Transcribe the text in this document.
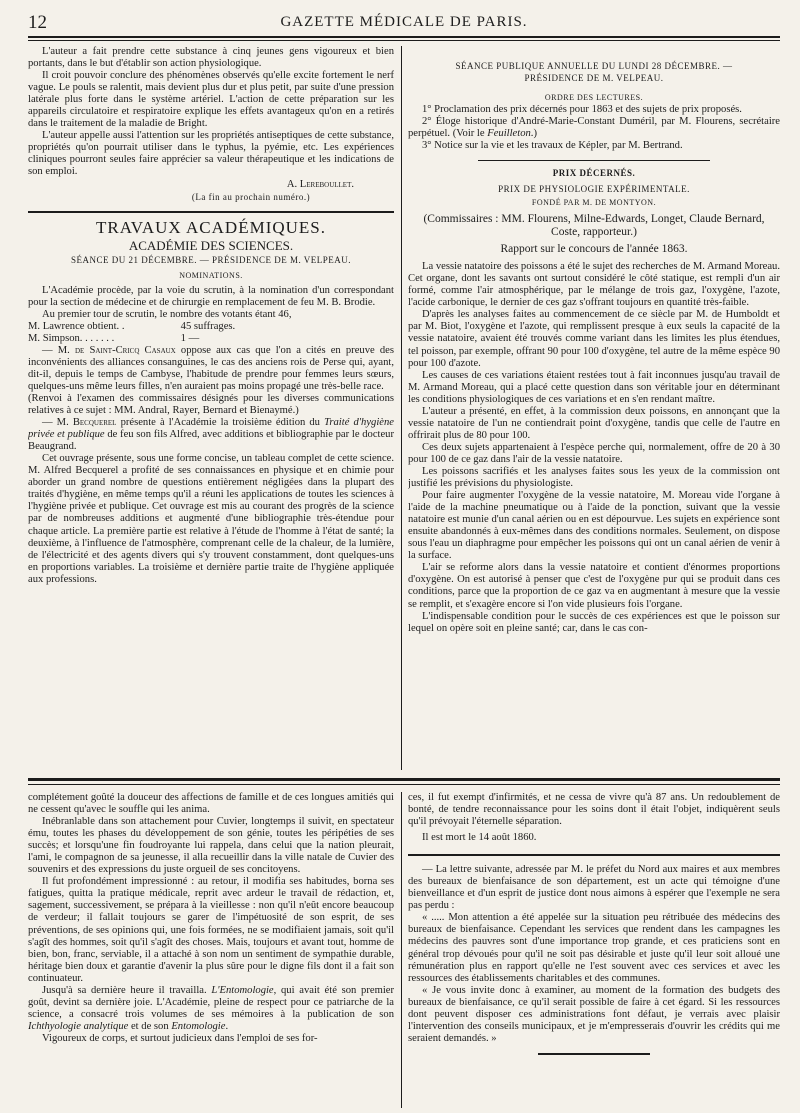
12	GAZETTE MÉDICALE DE PARIS.

L'auteur a fait prendre cette substance à cinq jeunes gens vigoureux et bien portants, dans le but d'établir son action physiologique.

Il croit pouvoir conclure des phénomènes observés qu'elle excite fortement le nerf vague. Le pouls se ralentit, mais devient plus dur et plus petit, par suite d'une pression latérale plus forte dans le système artériel. L'action de cette préparation sur les appareils circulatoire et respiratoire explique les effets avantageux qu'on en a retirés dans le traitement de la maladie de Bright.

L'auteur appelle aussi l'attention sur les propriétés antiseptiques de cette substance, propriétés qu'on pourrait utiliser dans le typhus, la pyémie, etc. Les expériences cliniques pourront seules faire apprécier sa valeur thérapeutique et les indications de son emploi.

A. Lereboullet.

(La fin au prochain numéro.)

TRAVAUX ACADÉMIQUES.

ACADÉMIE DES SCIENCES.

SÉANCE DU 21 DÉCEMBRE. — PRÉSIDENCE DE M. VELPEAU.

NOMINATIONS.

L'Académie procède, par la voie du scrutin, à la nomination d'un correspondant pour la section de médecine et de chirurgie en remplacement de feu M. B. Brodie.

Au premier tour de scrutin, le nombre des votants étant 46,

M. Lawrence obtient. .	45 suffrages.

M. Simpson. . . . . . .	1 —

— M. de Saint-Cricq Casaux oppose aux cas que l'on a cités en preuve des inconvénients des alliances consanguines, le cas des anciens rois de Perse qui, ayant, dit-il, depuis le temps de Cambyse, l'habitude de prendre pour femmes leurs sœurs, quelques-uns même leurs filles, n'en auraient pas moins propagé une très-belle race.

(Renvoi à l'examen des commissaires désignés pour les diverses communications relatives à ce sujet : MM. Andral, Rayer, Bernard et Bienaymé.)

— M. Becquerel présente à l'Académie la troisième édition du Traité d'hygiène privée et publique de feu son fils Alfred, avec additions et bibliographie par le docteur Beaugrand.

Cet ouvrage présente, sous une forme concise, un tableau complet de cette science. M. Alfred Becquerel a profité de ses connaissances en physique et en chimie pour aborder un grand nombre de questions entièrement négligées dans la plupart des traités d'hygiène, en même temps qu'il a réuni les applications de toutes les sciences à l'hygiène privée et publique. Cet ouvrage est mis au courant des progrès de la science par de nombreuses additions et augmenté d'une bibliographie très-étendue pour chaque article. La première partie est relative à l'étude de l'homme à l'état de santé; la deuxième, à l'influence de l'atmosphère, comprenant celle de la chaleur, de la lumière, de l'électricité et des agents divers qui s'y trouvent constamment, dont quelques-uns en proportions variables. La troisième et dernière partie traite de l'hygiène appliquée aux professions.

SÉANCE PUBLIQUE ANNUELLE DU LUNDI 28 DÉCEMBRE. —

PRÉSIDENCE DE M. VELPEAU.

ORDRE DES LECTURES.

1° Proclamation des prix décernés pour 1863 et des sujets de prix proposés.

2° Éloge historique d'André-Marie-Constant Duméril, par M. Flourens, secrétaire perpétuel. (Voir le Feuilleton.)

3° Notice sur la vie et les travaux de Képler, par M. Bertrand.

PRIX DÉCERNÉS.

PRIX DE PHYSIOLOGIE EXPÉRIMENTALE.

FONDÉ PAR M. DE MONTYON.

(Commissaires : MM. Flourens, Milne-Edwards, Longet, Claude Bernard, Coste, rapporteur.)

Rapport sur le concours de l'année 1863.

La vessie natatoire des poissons a été le sujet des recherches de M. Armand Moreau. Cet organe, dont les savants ont surtout considéré le côté statique, est rempli d'un air formé, comme l'air atmosphérique, par le mélange de trois gaz, l'oxygène, l'azote, l'acide carbonique, le dernier de ces gaz s'offrant toujours en quantité très-faible.

D'après les analyses faites au commencement de ce siècle par M. de Humboldt et par M. Biot, l'oxygène et l'azote, qui remplissent presque à eux seuls la capacité de la vessie natatoire, avaient été trouvés comme variant dans les limites les plus étendues, tel poisson, par exemple, offrant 90 pour 100 d'oxygène, tel autre de la même espèce 90 pour 100 d'azote.

Les causes de ces variations étaient restées tout à fait inconnues jusqu'au travail de M. Armand Moreau, qui a placé cette question dans son véritable jour en déterminant les conditions physiologiques de ces variations et en s'en rendant maître.

L'auteur a présenté, en effet, à la commission deux poissons, en annonçant que la vessie natatoire de l'un ne contiendrait point d'oxygène, tandis que celle de l'autre en offrirait plus de 80 pour 100.

Ces deux sujets appartenaient à l'espèce perche qui, normalement, offre de 20 à 30 pour 100 de ce gaz dans l'air de la vessie natatoire.

Les poissons sacrifiés et les analyses faites sous les yeux de la commission ont justifié les prévisions du physiologiste.

Pour faire augmenter l'oxygène de la vessie natatoire, M. Moreau vide l'organe à l'aide de la machine pneumatique ou à l'aide de la ponction, suivant que la vessie natatoire est munie d'un canal aérien ou en est dépourvue. Les sujets en expérience sont ensuite abandonnés à eux-mêmes dans des conditions normales. Seulement, on dispose sous l'eau un diaphragme pour empêcher les poissons qui ont un canal aérien de venir à la surface.

L'air se reforme alors dans la vessie natatoire et contient d'énormes proportions d'oxygène. On est autorisé à penser que c'est de l'oxygène pur qui se produit dans ces conditions, parce que la proportion de ce gaz va en augmentant à mesure que la vessie se remplit, et s'exagère encore si l'on vide plusieurs fois l'organe.

L'indispensable condition pour le succès de ces expériences est que le poisson sur lequel on opère soit en pleine santé; car, dans le cas con-

complétement goûté la douceur des affections de famille et de ces longues amitiés qui ne cessent qu'avec le souffle qui les anima.

Inébranlable dans son attachement pour Cuvier, longtemps il suivit, en spectateur ému, toutes les phases du développement de son génie, toutes les péripéties de ses succès; et lorsqu'une fin foudroyante lui rappela, dans celui que la nation pleurait, l'ami, le compagnon de sa jeunesse, il alla recueillir dans la ville natale de Cuvier des souvenirs et des expressions du juste orgueil de ses concitoyens.

Il fut profondément impressionné : au retour, il modifia ses habitudes, borna ses fatigues, quitta la pratique médicale, reprit avec ardeur le travail de rédaction, et, sagement, successivement, se prépara à la vieillesse : non qu'il n'eût encore beaucoup de verdeur; il fallait toujours se garer de l'impétuosité de son esprit, de ses préventions, de ses opinions qui, une fois formées, ne se modifiaient jamais, soit qu'il s'agît des hommes, soit qu'il s'agît des choses. Mais, toujours et avant tout, homme de bien, bon, franc, serviable, il a attaché à son nom un sentiment de sympathie durable, héritage bien doux et garantie d'avenir la plus sûre pour le digne fils dont il a fait son continuateur.

Jusqu'à sa dernière heure il travailla. L'Entomologie, qui avait été son premier goût, devint sa dernière joie. L'Académie, pleine de respect pour ce patriarche de la science, a consacré trois volumes de ses mémoires à la publication de son Ichthyologie analytique et de son Entomologie.

Vigoureux de corps, et surtout judicieux dans l'emploi de ses for-

ces, il fut exempt d'infirmités, et ne cessa de vivre qu'à 87 ans. Un redoublement de bonté, de tendre reconnaissance pour les soins dont il était l'objet, indiquèrent seuls qu'il prévoyait l'éternelle séparation.

Il est mort le 14 août 1860.

— La lettre suivante, adressée par M. le préfet du Nord aux maires et aux membres des bureaux de bienfaisance de son département, est un acte qui témoigne d'une bienveillance et d'un esprit de justice dont nous aimons à espérer que l'exemple ne sera pas perdu :

« ..... Mon attention a été appelée sur la situation peu rétribuée des médecins des bureaux de bienfaisance. Cependant les services que rendent dans les campagnes les médecins des pauvres sont d'une importance trop grande, et ces praticiens sont en général trop dévoués pour qu'il ne soit pas désirable et juste qu'il leur soit alloué une rémunération plus en rapport qu'elle ne l'est souvent avec ces services et avec les ressources des établissements charitables et des communes.

« Je vous invite donc à examiner, au moment de la formation des budgets des bureaux de bienfaisance, ce qu'il serait possible de faire à cet égard. Si les ressources dont peuvent disposer ces administrations font défaut, je verrais avec plaisir l'intervention des conseils municipaux, et je m'empresserais d'ouvrir les crédits qui me seraient demandés. »
